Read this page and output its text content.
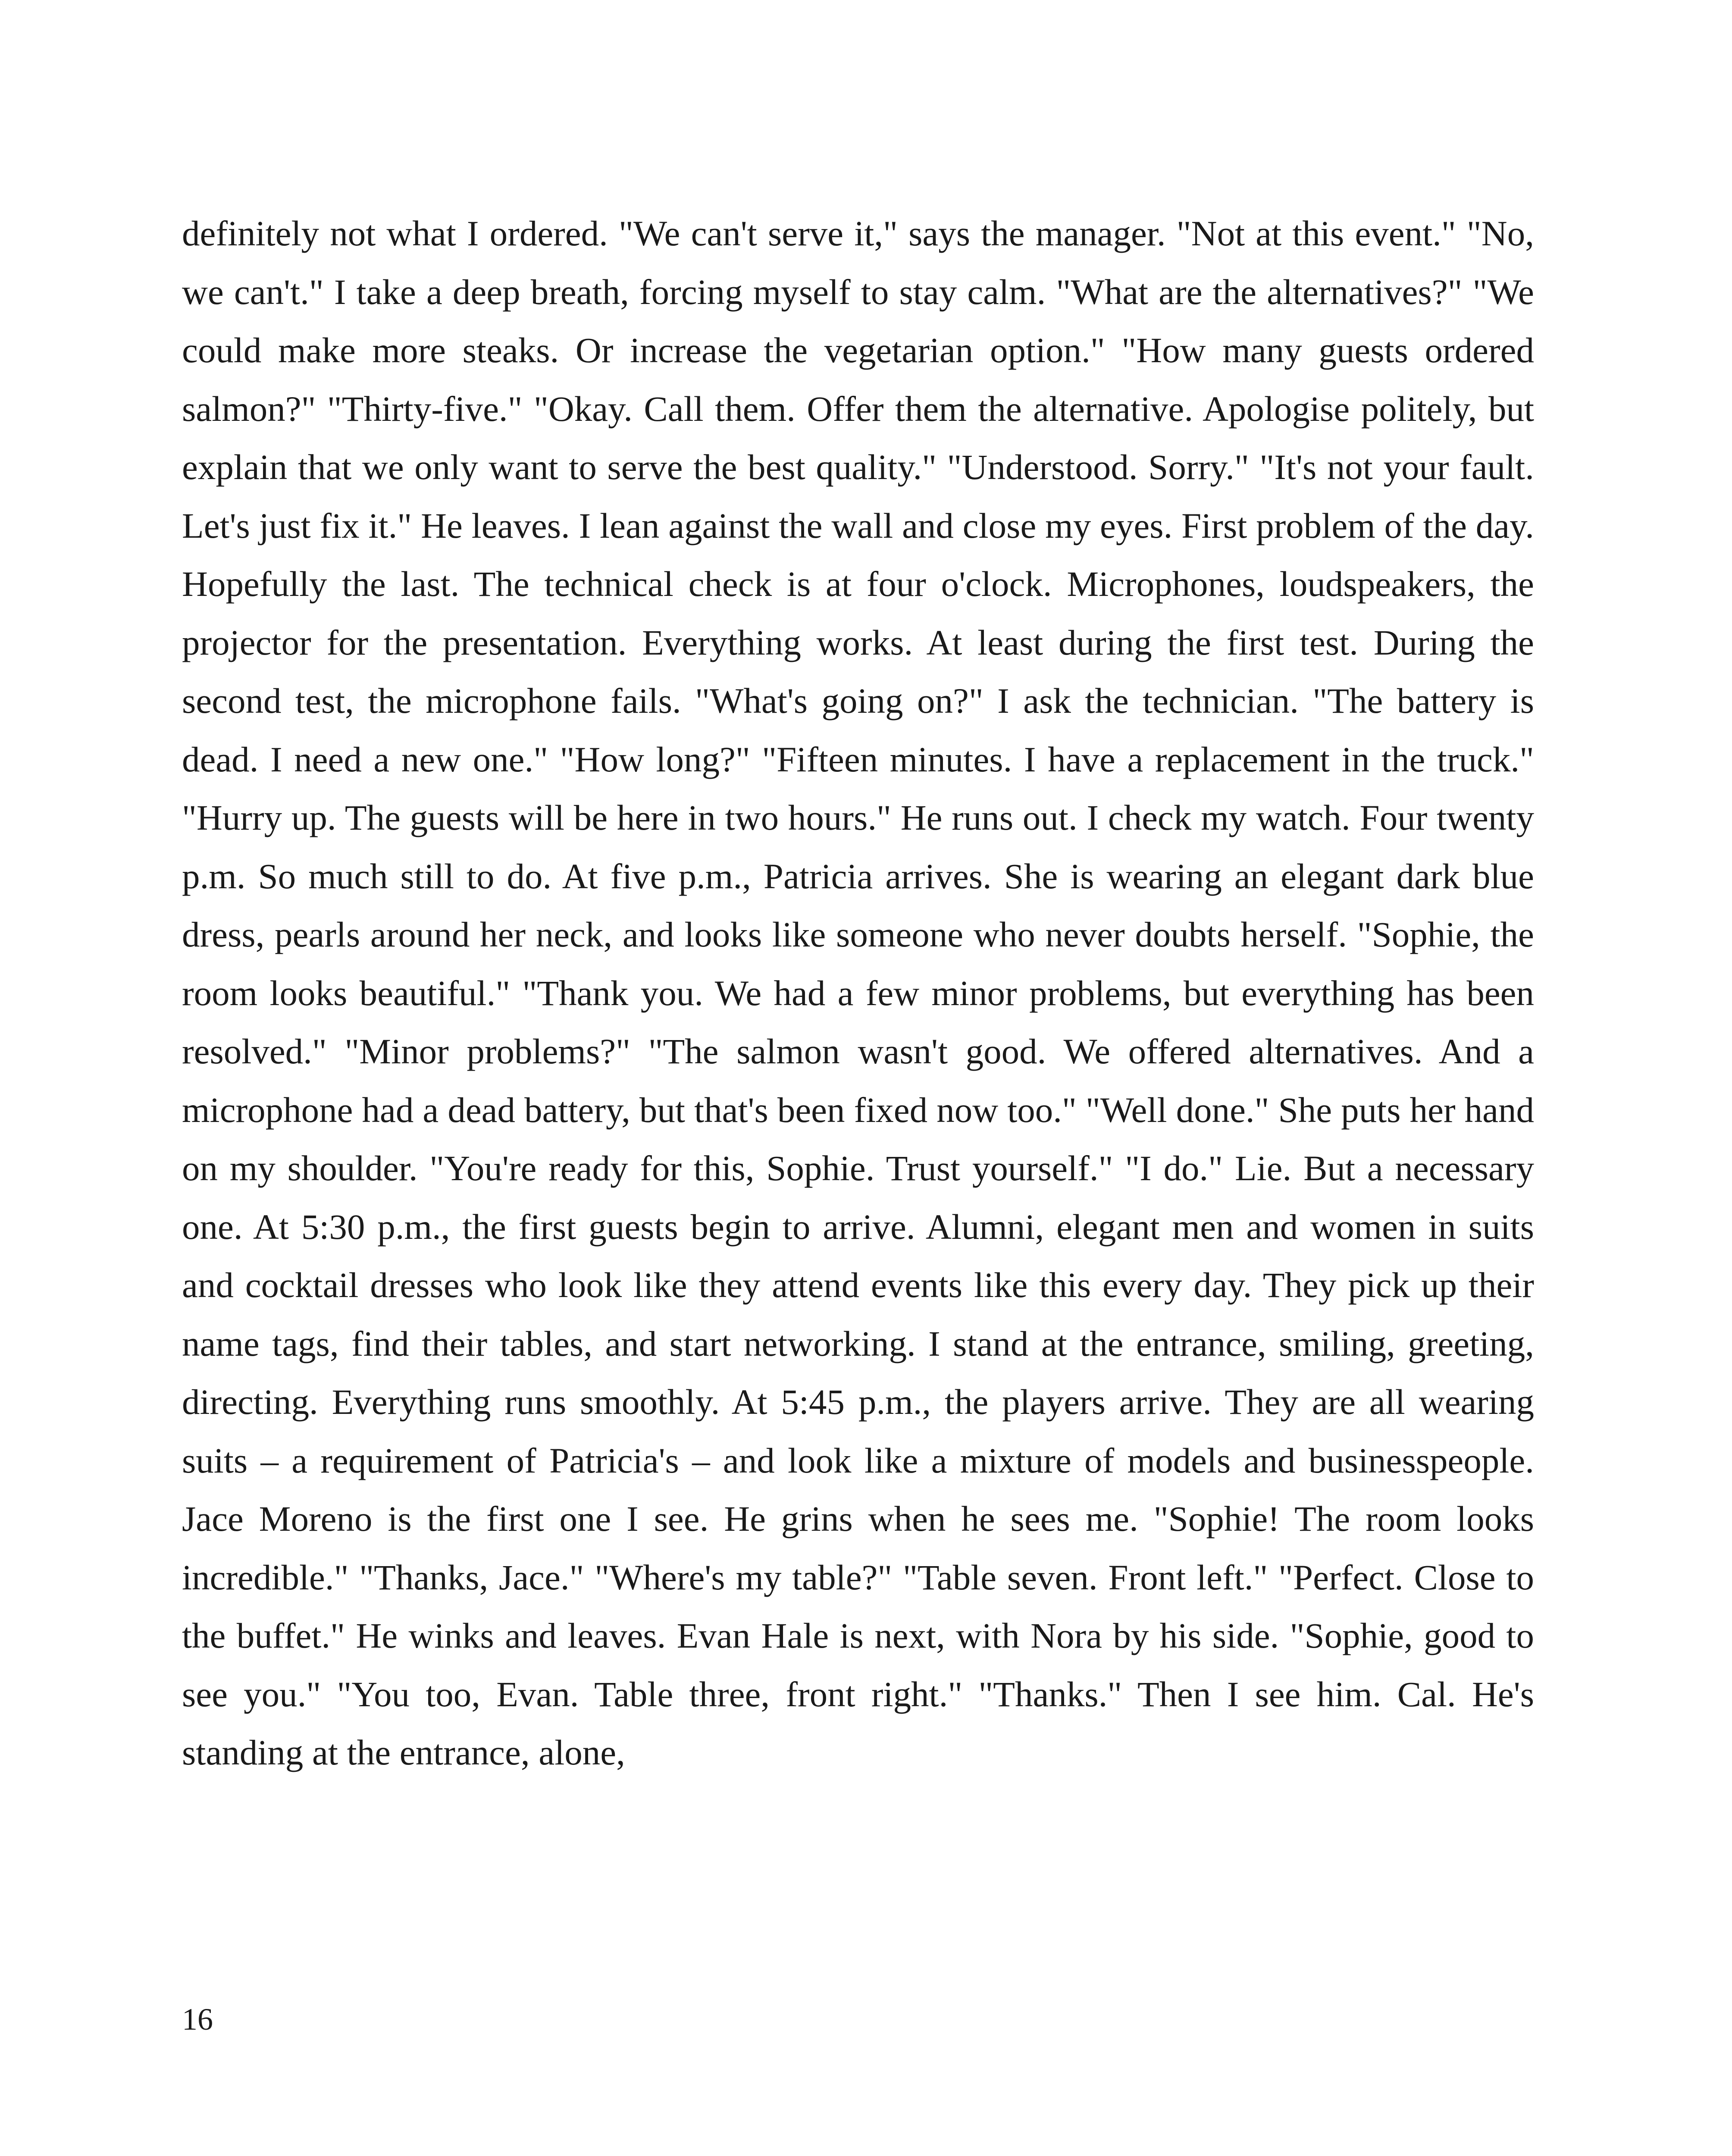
definitely not what I ordered. "We can't serve it," says the manager. "Not at this event." "No, we can't." I take a deep breath, forcing myself to stay calm. "What are the alternatives?" "We could make more steaks. Or increase the vegetarian option." "How many guests ordered salmon?" "Thirty-five." "Okay. Call them. Offer them the alternative. Apologise politely, but explain that we only want to serve the best quality." "Understood. Sorry." "It's not your fault. Let's just fix it." He leaves. I lean against the wall and close my eyes. First problem of the day. Hopefully the last. The technical check is at four o'clock. Microphones, loudspeakers, the projector for the presentation. Everything works. At least during the first test. During the second test, the microphone fails. "What's going on?" I ask the technician. "The battery is dead. I need a new one." "How long?" "Fifteen minutes. I have a replacement in the truck." "Hurry up. The guests will be here in two hours." He runs out. I check my watch. Four twenty p.m. So much still to do. At five p.m., Patricia arrives. She is wearing an elegant dark blue dress, pearls around her neck, and looks like someone who never doubts herself. "Sophie, the room looks beautiful." "Thank you. We had a few minor problems, but everything has been resolved." "Minor problems?" "The salmon wasn't good. We offered alternatives. And a microphone had a dead battery, but that's been fixed now too." "Well done." She puts her hand on my shoulder. "You're ready for this, Sophie. Trust yourself." "I do." Lie. But a necessary one. At 5:30 p.m., the first guests begin to arrive. Alumni, elegant men and women in suits and cocktail dresses who look like they attend events like this every day. They pick up their name tags, find their tables, and start networking. I stand at the entrance, smiling, greeting, directing. Everything runs smoothly. At 5:45 p.m., the players arrive. They are all wearing suits – a requirement of Patricia's – and look like a mixture of models and businesspeople. Jace Moreno is the first one I see. He grins when he sees me. "Sophie! The room looks incredible." "Thanks, Jace." "Where's my table?" "Table seven. Front left." "Perfect. Close to the buffet." He winks and leaves. Evan Hale is next, with Nora by his side. "Sophie, good to see you." "You too, Evan. Table three, front right." "Thanks." Then I see him. Cal. He's standing at the entrance, alone,

16
